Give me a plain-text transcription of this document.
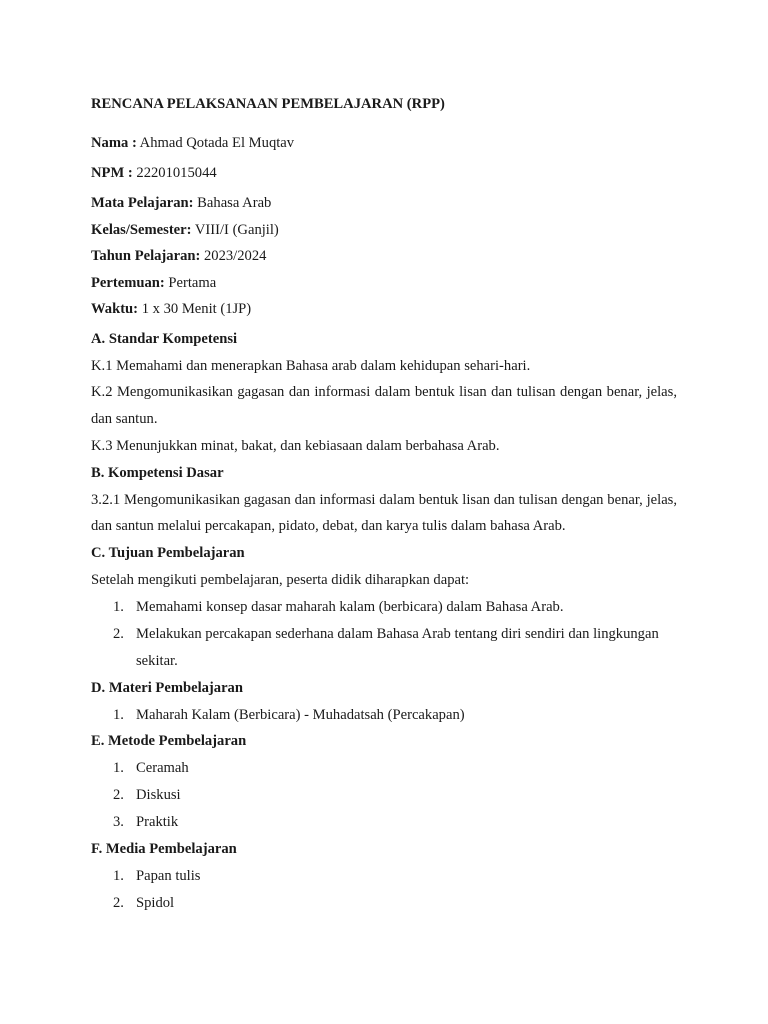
RENCANA PELAKSANAAN PEMBELAJARAN (RPP)
Nama : Ahmad Qotada El Muqtav
NPM : 22201015044
Mata Pelajaran: Bahasa Arab
Kelas/Semester: VIII/I (Ganjil)
Tahun Pelajaran: 2023/2024
Pertemuan: Pertama
Waktu: 1 x 30 Menit (1JP)
A. Standar Kompetensi
K.1 Memahami dan menerapkan Bahasa arab dalam kehidupan sehari-hari.
K.2 Mengomunikasikan gagasan dan informasi dalam bentuk lisan dan tulisan dengan benar, jelas, dan santun.
K.3 Menunjukkan minat, bakat, dan kebiasaan dalam berbahasa Arab.
B. Kompetensi Dasar
3.2.1 Mengomunikasikan gagasan dan informasi dalam bentuk lisan dan tulisan dengan benar, jelas, dan santun melalui percakapan, pidato, debat, dan karya tulis dalam bahasa Arab.
C. Tujuan Pembelajaran
Setelah mengikuti pembelajaran, peserta didik diharapkan dapat:
1. Memahami konsep dasar maharah kalam (berbicara) dalam Bahasa Arab.
2. Melakukan percakapan sederhana dalam Bahasa Arab tentang diri sendiri dan lingkungan sekitar.
D. Materi Pembelajaran
1. Maharah Kalam (Berbicara) - Muhadatsah (Percakapan)
E. Metode Pembelajaran
1. Ceramah
2. Diskusi
3. Praktik
F. Media Pembelajaran
1. Papan tulis
2. Spidol
